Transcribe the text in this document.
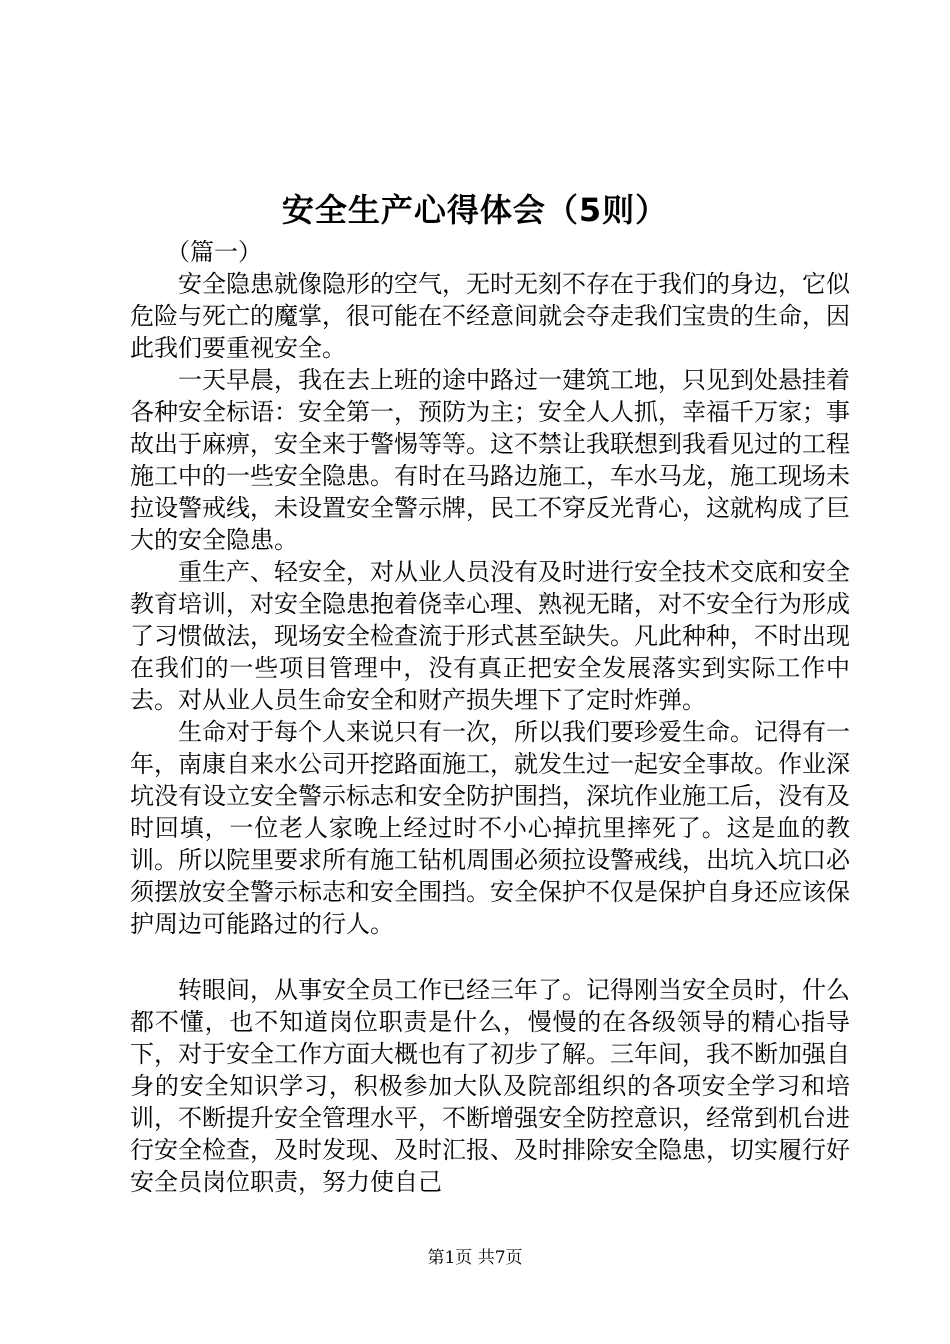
安全生产心得体会（5则）
（篇一）

安全隐患就像隐形的空气，无时无刻不存在于我们的身边，它似危险与死亡的魔掌，很可能在不经意间就会夺走我们宝贵的生命，因此我们要重视安全。

一天早晨，我在去上班的途中路过一建筑工地，只见到处悬挂着各种安全标语：安全第一，预防为主；安全人人抓，幸福千万家；事故出于麻痹，安全来于警惕等等。这不禁让我联想到我看见过的工程施工中的一些安全隐患。有时在马路边施工，车水马龙，施工现场未拉设警戒线，未设置安全警示牌，民工不穿反光背心，这就构成了巨大的安全隐患。

重生产、轻安全，对从业人员没有及时进行安全技术交底和安全教育培训，对安全隐患抱着侥幸心理、熟视无睹，对不安全行为形成了习惯做法，现场安全检查流于形式甚至缺失。凡此种种，不时出现在我们的一些项目管理中，没有真正把安全发展落实到实际工作中去。对从业人员生命安全和财产损失埋下了定时炸弹。

生命对于每个人来说只有一次，所以我们要珍爱生命。记得有一年，南康自来水公司开挖路面施工，就发生过一起安全事故。作业深坑没有设立安全警示标志和安全防护围挡，深坑作业施工后，没有及时回填，一位老人家晚上经过时不小心掉抗里摔死了。这是血的教训。所以院里要求所有施工钻机周围必须拉设警戒线，出坑入坑口必须摆放安全警示标志和安全围挡。安全保护不仅是保护自身还应该保护周边可能路过的行人。

转眼间，从事安全员工作已经三年了。记得刚当安全员时，什么都不懂，也不知道岗位职责是什么，慢慢的在各级领导的精心指导下，对于安全工作方面大概也有了初步了解。三年间，我不断加强自身的安全知识学习，积极参加大队及院部组织的各项安全学习和培训，不断提升安全管理水平，不断增强安全防控意识，经常到机台进行安全检查，及时发现、及时汇报、及时排除安全隐患，切实履行好安全员岗位职责，努力使自己

第1页 共7页
